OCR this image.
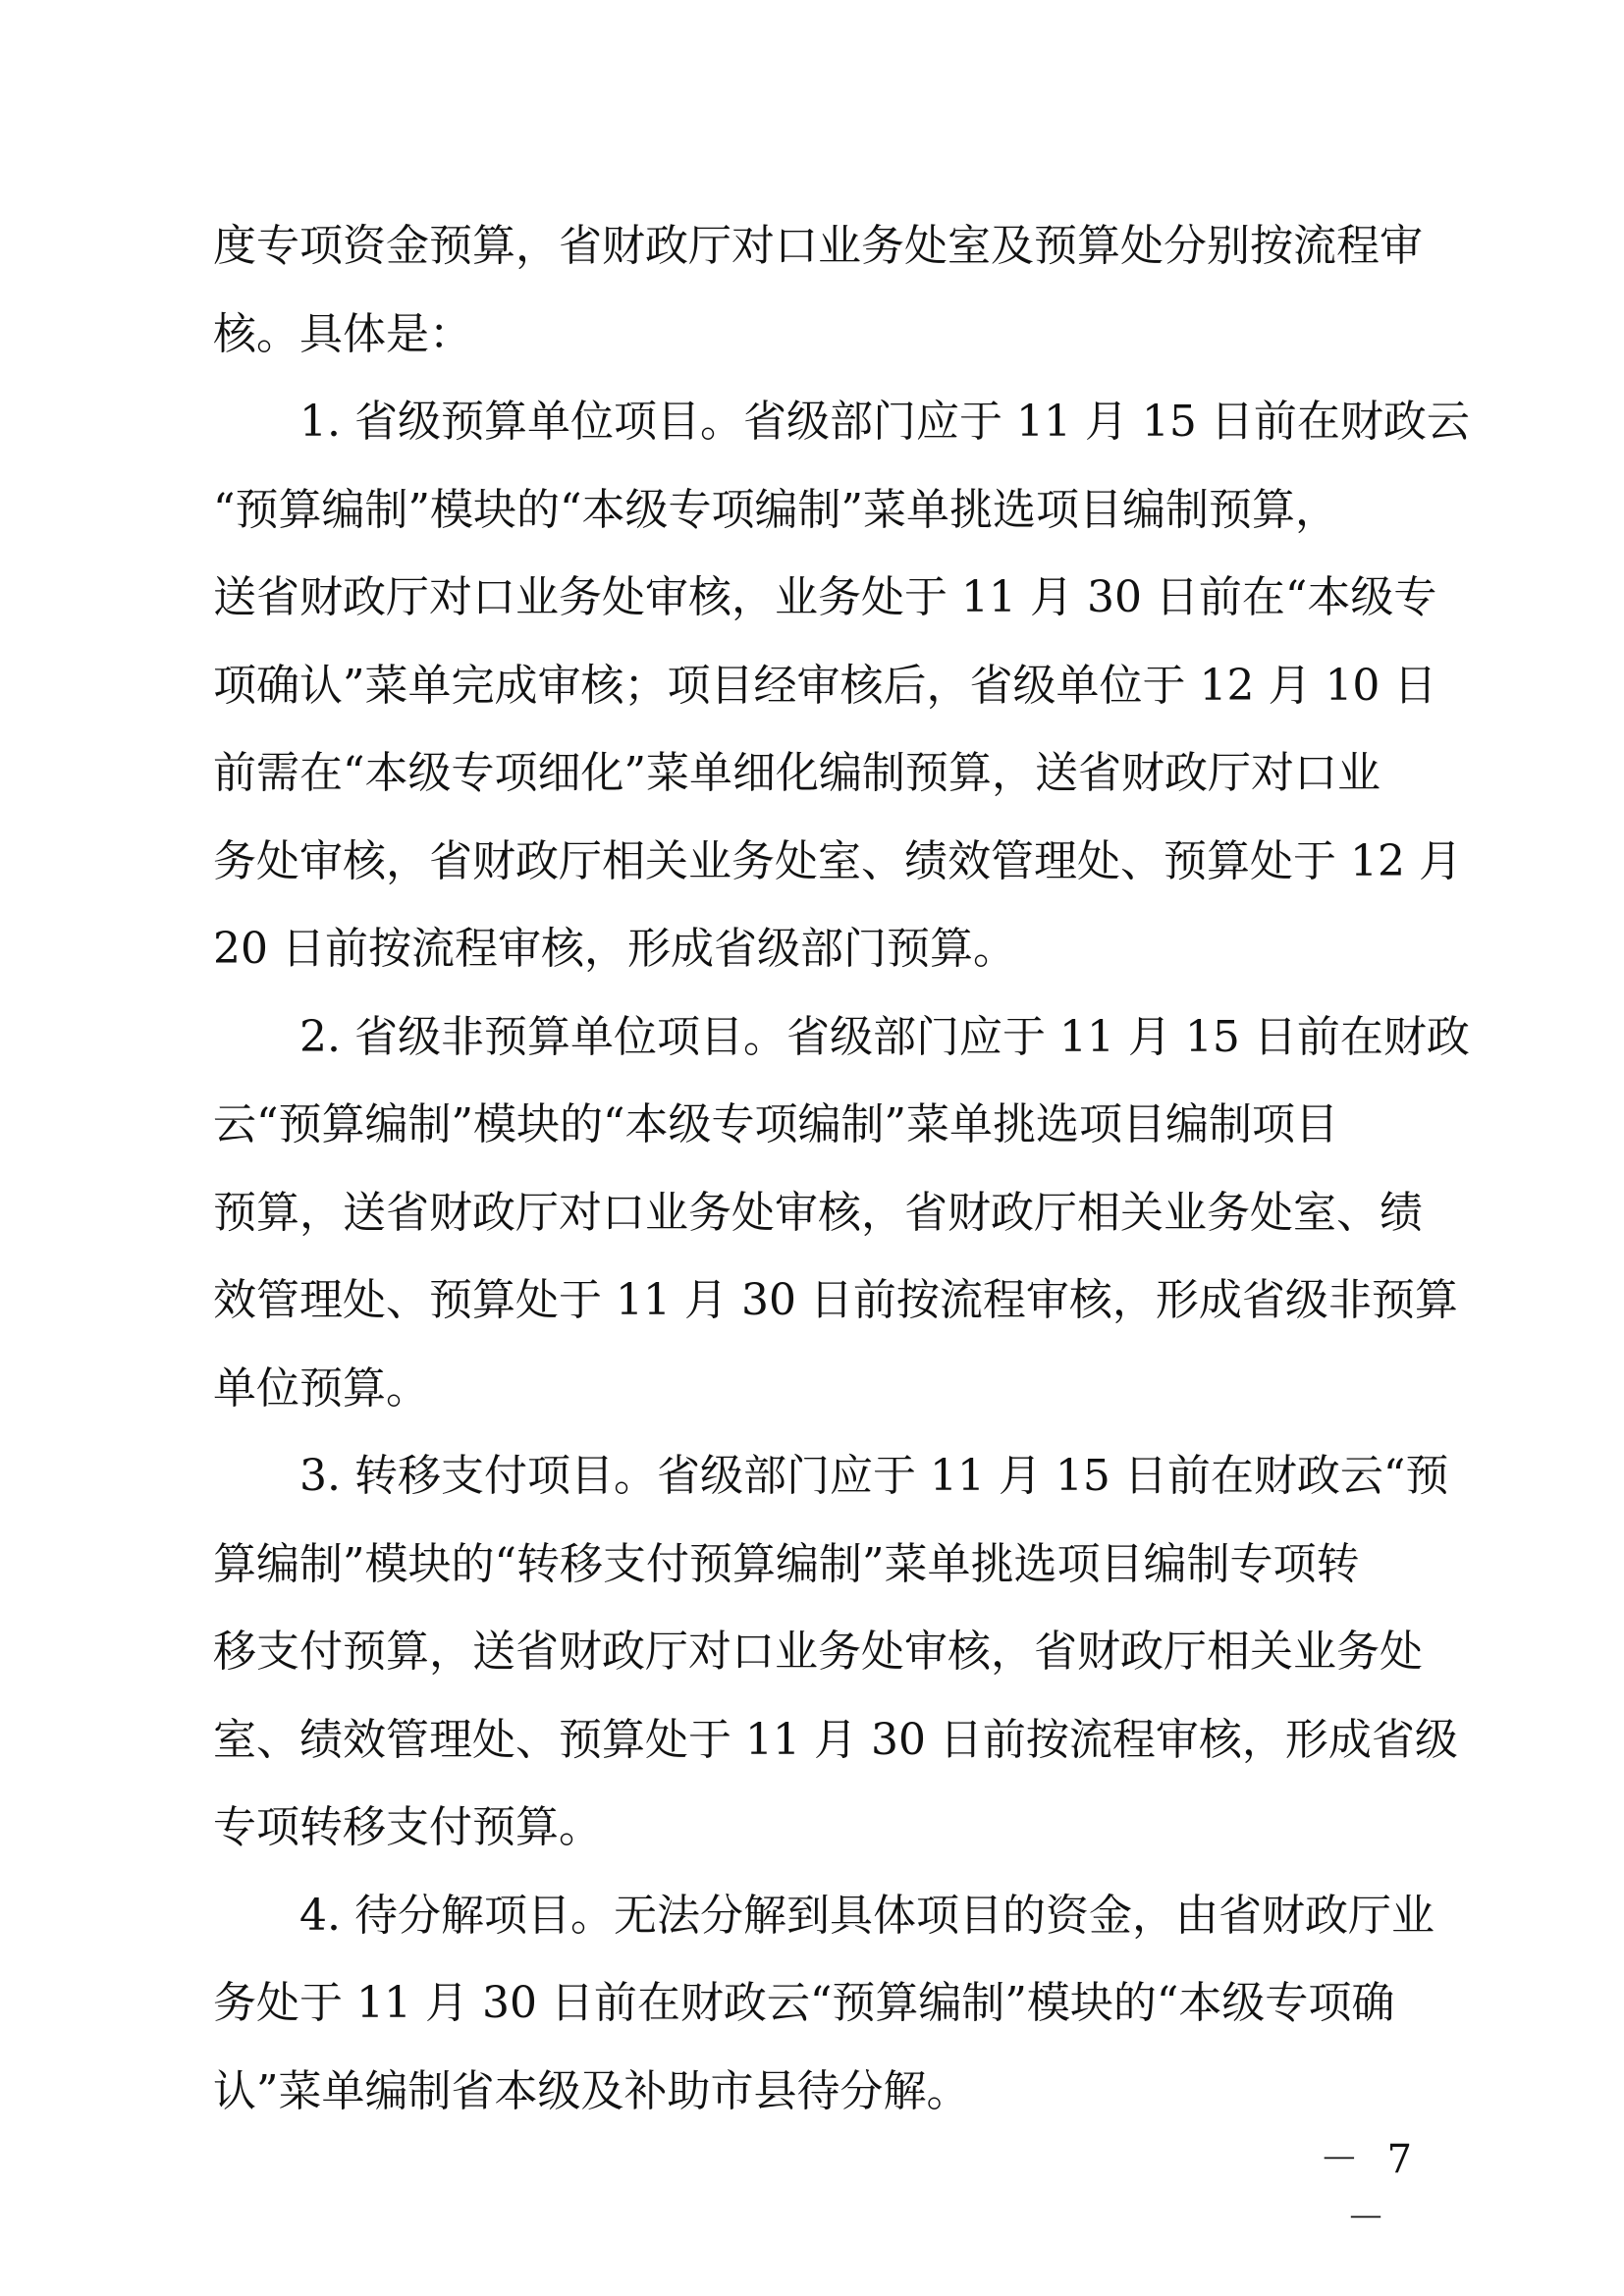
度专项资金预算，省财政厅对口业务处室及预算处分别按流程审
核。具体是：
1. 省级预算单位项目。省级部门应于 11 月 15 日前在财政云
“预算编制”模块的“本级专项编制”菜单挑选项目编制预算，
送省财政厅对口业务处审核，业务处于 11 月 30 日前在“本级专
项确认”菜单完成审核；项目经审核后，省级单位于 12 月 10 日
前需在“本级专项细化”菜单细化编制预算，送省财政厅对口业
务处审核，省财政厅相关业务处室、绩效管理处、预算处于 12 月
20 日前按流程审核，形成省级部门预算。
2. 省级非预算单位项目。省级部门应于 11 月 15 日前在财政
云“预算编制”模块的“本级专项编制”菜单挑选项目编制项目
预算，送省财政厅对口业务处审核，省财政厅相关业务处室、绩
效管理处、预算处于 11 月 30 日前按流程审核，形成省级非预算
单位预算。
3. 转移支付项目。省级部门应于 11 月 15 日前在财政云“预
算编制”模块的“转移支付预算编制”菜单挑选项目编制专项转
移支付预算，送省财政厅对口业务处审核，省财政厅相关业务处
室、绩效管理处、预算处于 11 月 30 日前按流程审核，形成省级
专项转移支付预算。
4. 待分解项目。无法分解到具体项目的资金，由省财政厅业
务处于 11 月 30 日前在财政云“预算编制”模块的“本级专项确
认”菜单编制省本级及补助市县待分解。
－ 7 －
